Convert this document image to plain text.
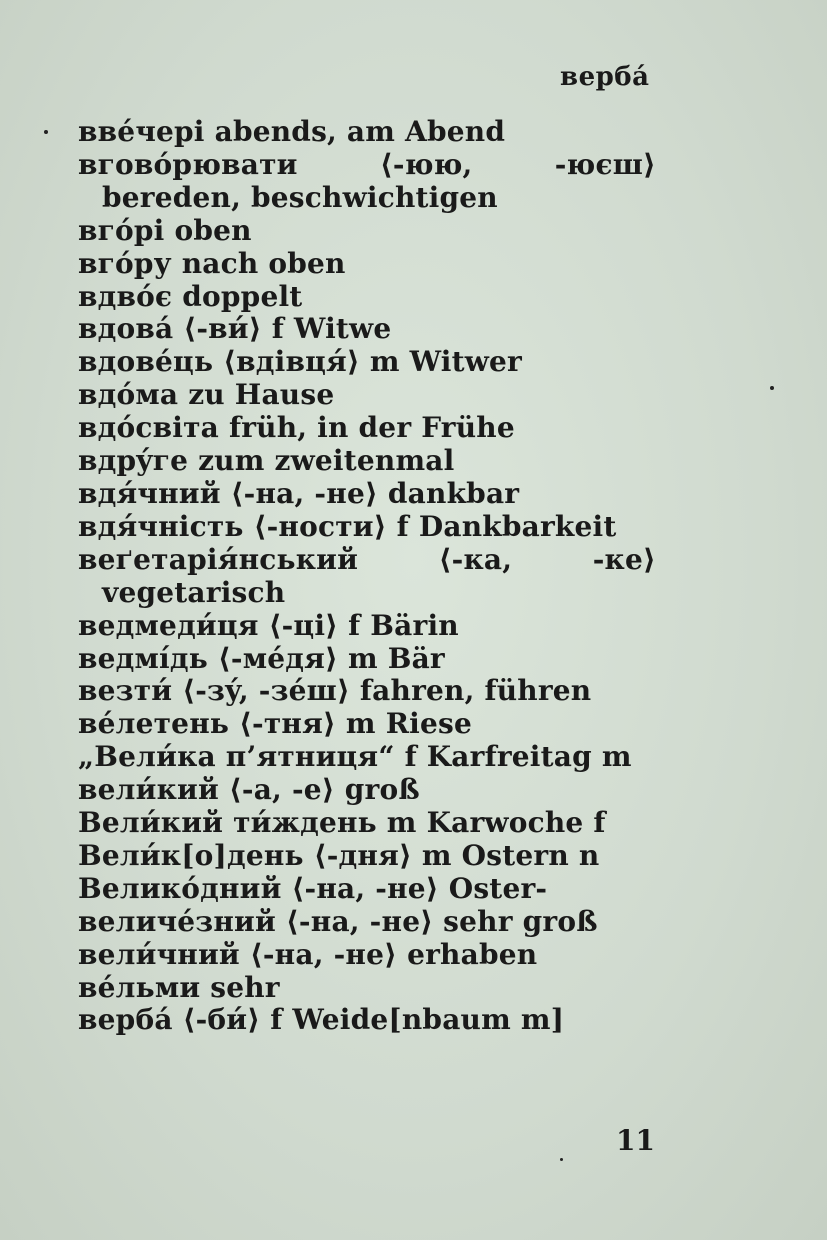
вербá
ввéчері abends, am Abend
вговóрювати ⟨-юю, -юєш⟩ bereden, beschwichtigen
вгóрі oben
вгóру nach oben
вдвóє doppelt
вдовá ⟨-ви́⟩ f Witwe
вдовéць ⟨вдівця́⟩ m Witwer
вдóма zu Hause
вдóсвіта früh, in der Frühe
вдрýге zum zweitenmal
вдя́чний ⟨-на, -не⟩ dankbar
вдя́чність ⟨-ности⟩ f Dankbarkeit
веґетарія́нський ⟨-ка, -ке⟩ vegetarisch
ведмеди́ця ⟨-ці⟩ f Bärin
ведмі́дь ⟨-мéдя⟩ m Bär
везти́ ⟨-зý, -зéш⟩ fahren, führen
вéлетень ⟨-тня⟩ m Riese
„Вели́ка п’ятниця“ f Karfreitag m
вели́кий ⟨-а, -е⟩ groß
Вели́кий ти́ждень m Karwoche f
Вели́к[о]день ⟨-дня⟩ m Ostern n
Великóдний ⟨-на, -не⟩ Oster-
величéзний ⟨-на, -не⟩ sehr groß
вели́чний ⟨-на, -не⟩ erhaben
вéльми sehr
вербá ⟨-би́⟩ f Weide[nbaum m]
11
